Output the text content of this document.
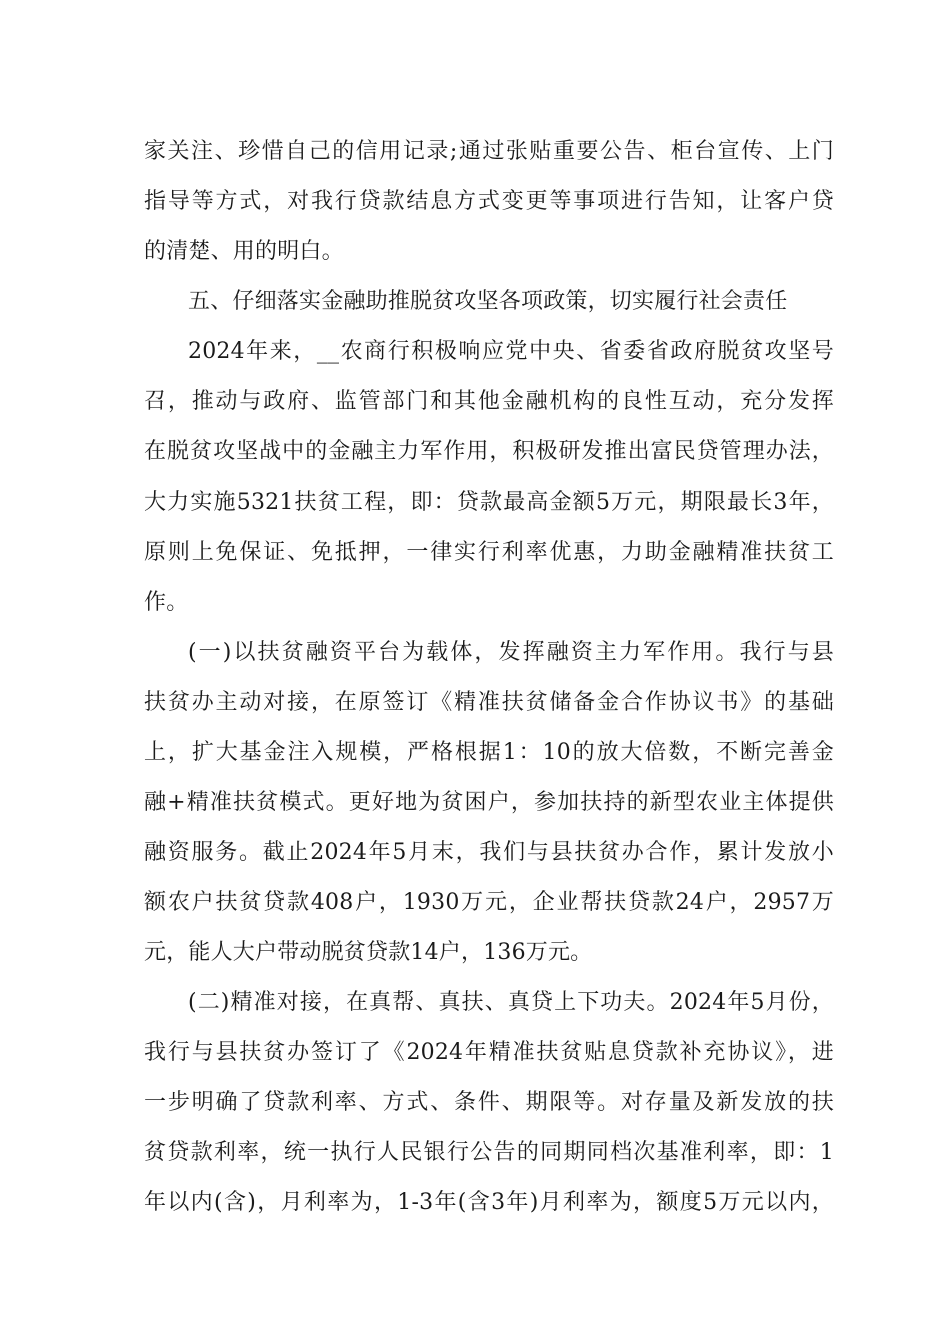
家关注、珍惜自己的信用记录;通过张贴重要公告、柜台宣传、上门
指导等方式，对我行贷款结息方式变更等事项进行告知，让客户贷
的清楚、用的明白。
五、仔细落实金融助推脱贫攻坚各项政策，切实履行社会责任
2024年来，__农商行积极响应党中央、省委省政府脱贫攻坚号
召，推动与政府、监管部门和其他金融机构的良性互动，充分发挥
在脱贫攻坚战中的金融主力军作用，积极研发推出富民贷管理办法，
大力实施5321扶贫工程，即：贷款最高金额5万元，期限最长3年，
原则上免保证、免抵押，一律实行利率优惠，力助金融精准扶贫工
作。
(一)以扶贫融资平台为载体，发挥融资主力军作用。我行与县
扶贫办主动对接，在原签订《精准扶贫储备金合作协议书》的基础
上，扩大基金注入规模，严格根据1：10的放大倍数，不断完善金
融+精准扶贫模式。更好地为贫困户，参加扶持的新型农业主体提供
融资服务。截止2024年5月末，我们与县扶贫办合作，累计发放小
额农户扶贫贷款408户，1930万元，企业帮扶贷款24户，2957万
元，能人大户带动脱贫贷款14户，136万元。
(二)精准对接，在真帮、真扶、真贷上下功夫。2024年5月份，
我行与县扶贫办签订了《2024年精准扶贫贴息贷款补充协议》，进
一步明确了贷款利率、方式、条件、期限等。对存量及新发放的扶
贫贷款利率，统一执行人民银行公告的同期同档次基准利率，即：1
年以内(含)，月利率为，1-3年(含3年)月利率为，额度5万元以内，
